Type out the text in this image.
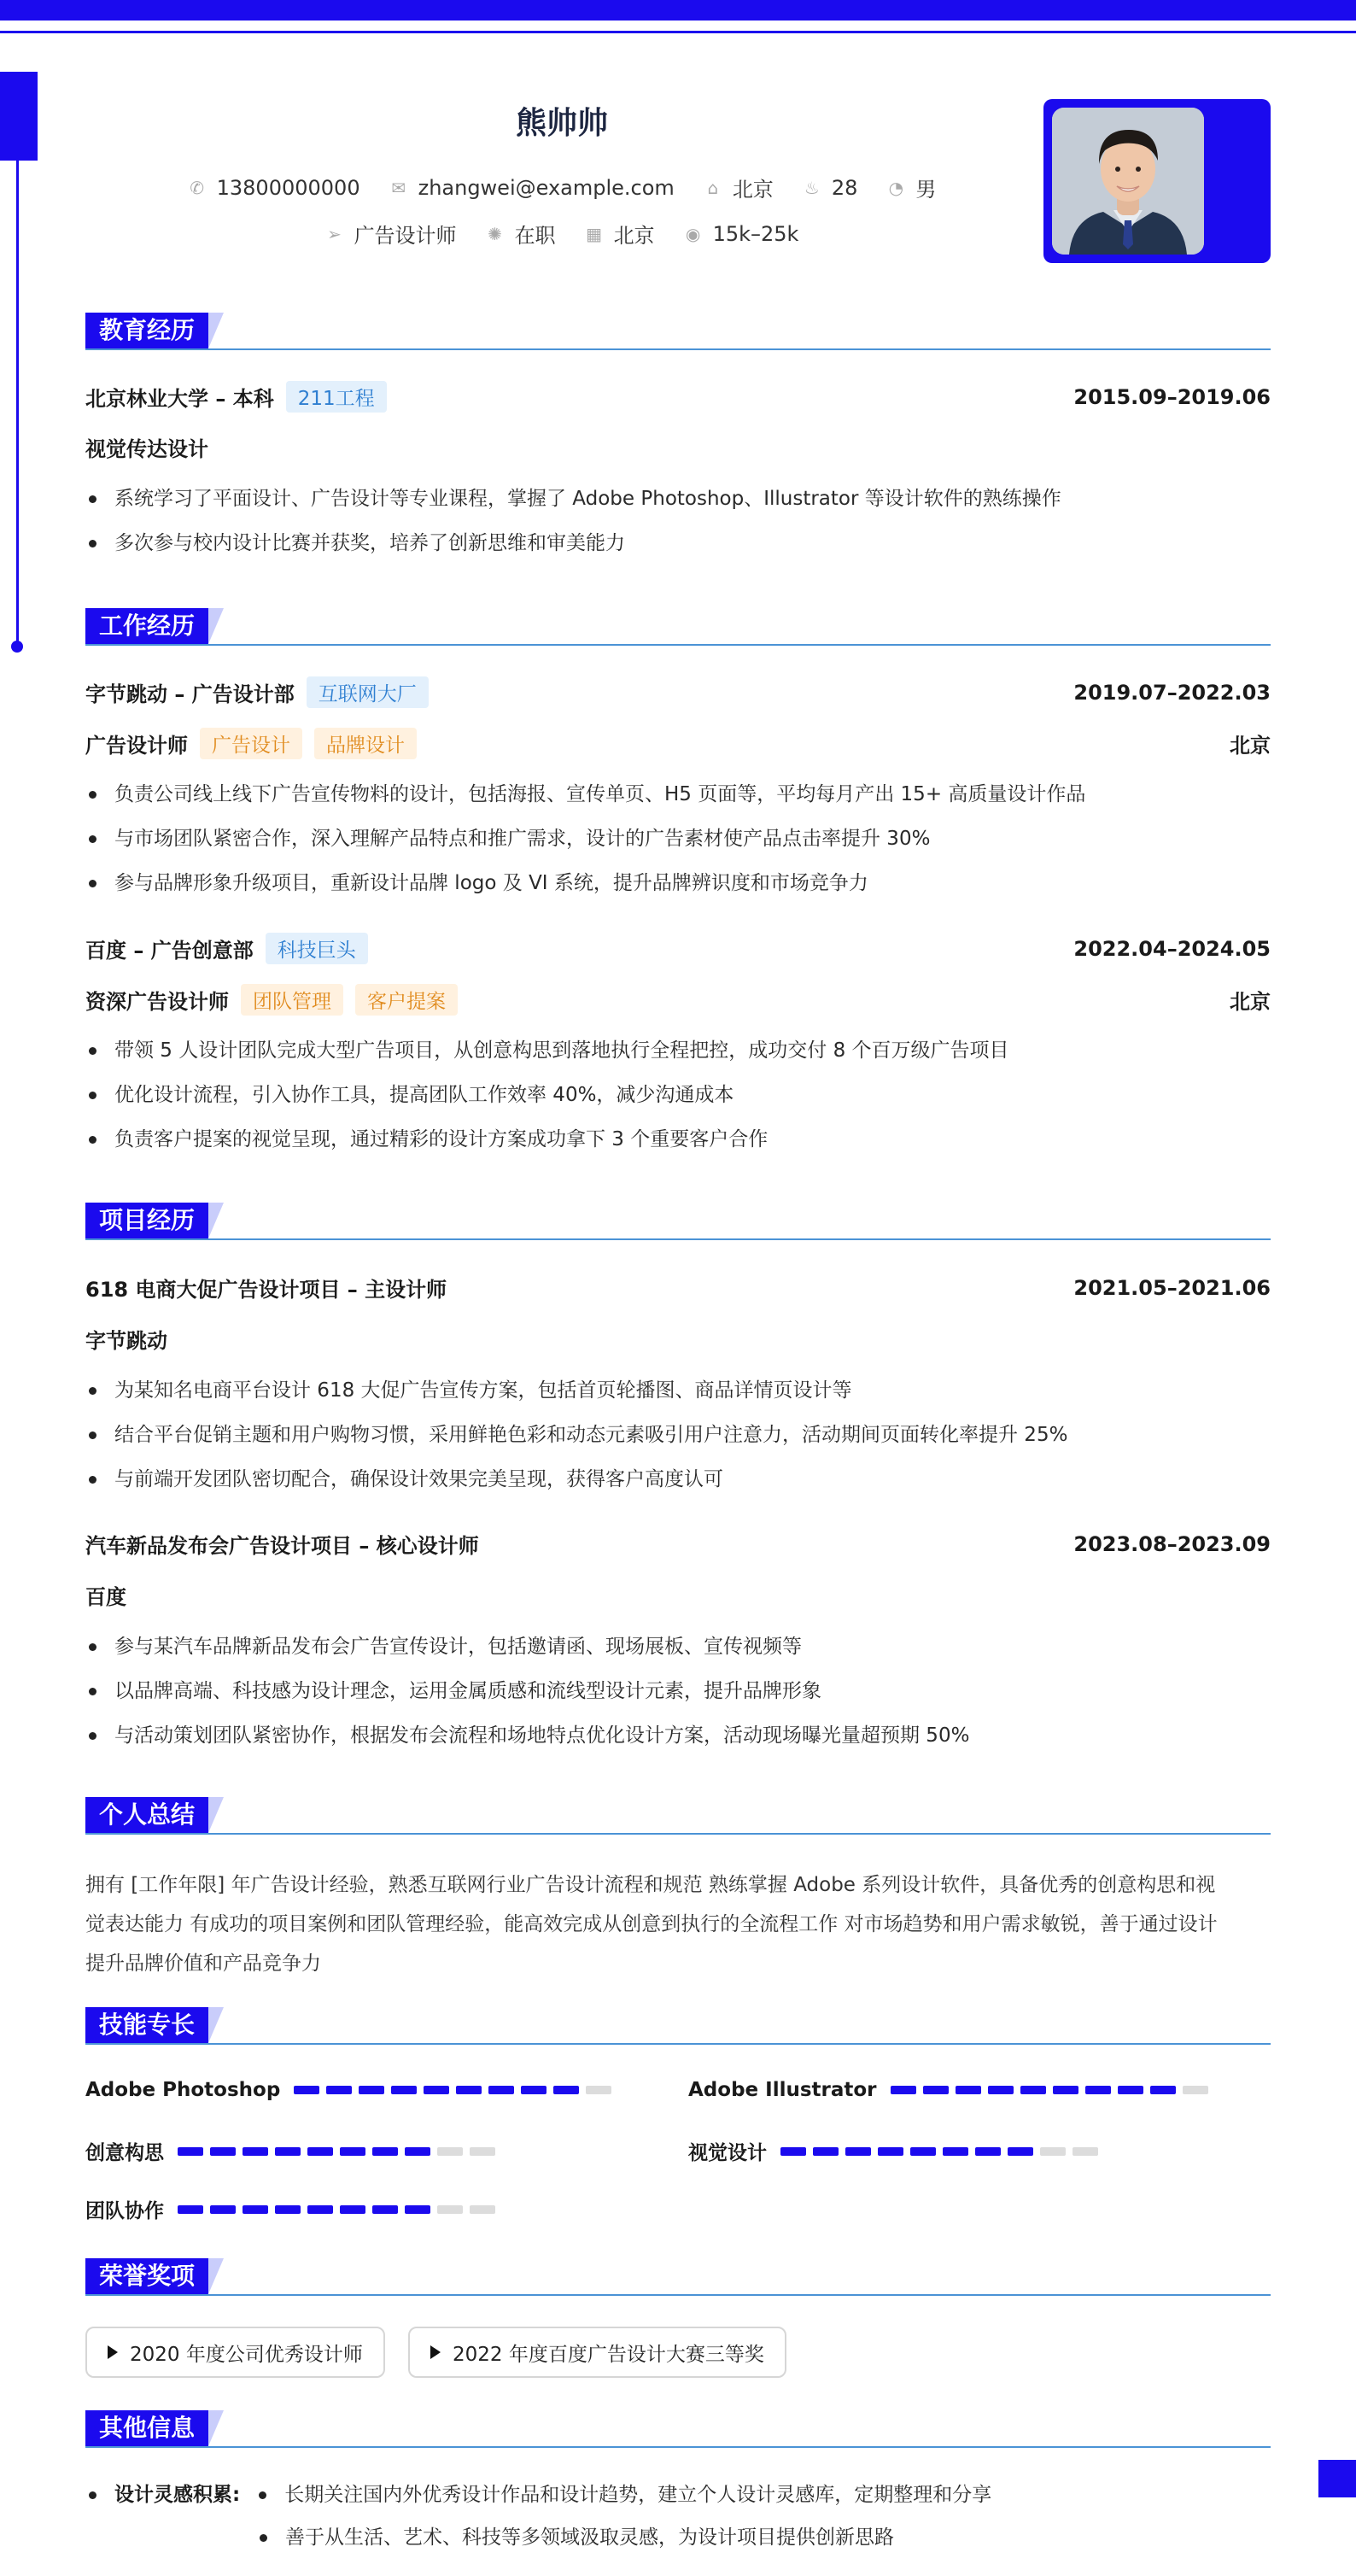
熊帅帅
✆ 13800000000 ✉ zhangwei@example.com ⌂ 北京 ♨ 28 ◔ 男
➢ 广告设计师 ✺ 在职 ▦ 北京 ◉ 15k–25k
教育经历
北京林业大学 – 本科	211工程	2015.09–2019.06
视觉传达设计
系统学习了平面设计、广告设计等专业课程，掌握了 Adobe Photoshop、Illustrator 等设计软件的熟练操作
多次参与校内设计比赛并获奖，培养了创新思维和审美能力
工作经历
字节跳动 – 广告设计部	互联网大厂	2019.07–2022.03
广告设计师	广告设计	品牌设计	北京
负责公司线上线下广告宣传物料的设计，包括海报、宣传单页、H5 页面等，平均每月产出 15+ 高质量设计作品
与市场团队紧密合作，深入理解产品特点和推广需求，设计的广告素材使产品点击率提升 30%
参与品牌形象升级项目，重新设计品牌 logo 及 VI 系统，提升品牌辨识度和市场竞争力
百度 – 广告创意部	科技巨头	2022.04–2024.05
资深广告设计师	团队管理	客户提案	北京
带领 5 人设计团队完成大型广告项目，从创意构思到落地执行全程把控，成功交付 8 个百万级广告项目
优化设计流程，引入协作工具，提高团队工作效率 40%，减少沟通成本
负责客户提案的视觉呈现，通过精彩的设计方案成功拿下 3 个重要客户合作
项目经历
618 电商大促广告设计项目 – 主设计师	2021.05–2021.06
字节跳动
为某知名电商平台设计 618 大促广告宣传方案，包括首页轮播图、商品详情页设计等
结合平台促销主题和用户购物习惯，采用鲜艳色彩和动态元素吸引用户注意力，活动期间页面转化率提升 25%
与前端开发团队密切配合，确保设计效果完美呈现，获得客户高度认可
汽车新品发布会广告设计项目 – 核心设计师	2023.08–2023.09
百度
参与某汽车品牌新品发布会广告宣传设计，包括邀请函、现场展板、宣传视频等
以品牌高端、科技感为设计理念，运用金属质感和流线型设计元素，提升品牌形象
与活动策划团队紧密协作，根据发布会流程和场地特点优化设计方案，活动现场曝光量超预期 50%
个人总结
拥有 [工作年限] 年广告设计经验，熟悉互联网行业广告设计流程和规范 熟练掌握 Adobe 系列设计软件，具备优秀的创意构思和视
觉表达能力 有成功的项目案例和团队管理经验，能高效完成从创意到执行的全流程工作 对市场趋势和用户需求敏锐，善于通过设计
提升品牌价值和产品竞争力
技能专长
Adobe Photoshop	Adobe Illustrator
创意构思	视觉设计
团队协作
荣誉奖项
2020 年度公司优秀设计师	2022 年度百度广告设计大赛三等奖
其他信息
设计灵感积累:	长期关注国内外优秀设计作品和设计趋势，建立个人设计灵感库，定期整理和分享
善于从生活、艺术、科技等多领域汲取灵感，为设计项目提供创新思路
